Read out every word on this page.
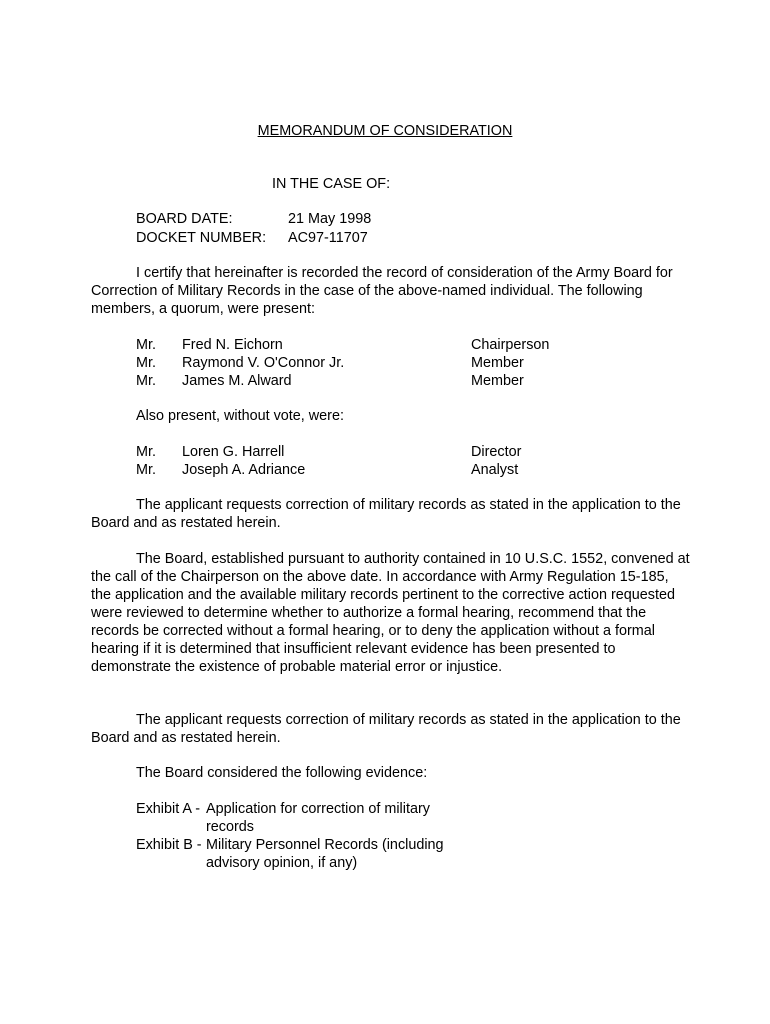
MEMORANDUM OF CONSIDERATION

IN THE CASE OF:

BOARD DATE:	21 May 1998
DOCKET NUMBER: AC97-11707

I certify that hereinafter is recorded the record of consideration of the Army Board for Correction of Military Records in the case of the above-named individual. The following members, a quorum, were present:

Mr. Fred N. Eichorn	Chairperson
Mr. Raymond V. O'Connor Jr.	Member
Mr. James M. Alward	Member
Also present, without vote, were:
Mr. Loren G. Harrell	Director
Mr. Joseph A. Adriance	Analyst

The applicant requests correction of military records as stated in the application to the Board and as restated herein.

The Board, established pursuant to authority contained in 10 U.S.C. 1552, convened at the call of the Chairperson on the above date. In accordance with Army Regulation 15-185, the application and the available military records pertinent to the corrective action requested were reviewed to determine whether to authorize a formal hearing, recommend that the records be corrected without a formal hearing, or to deny the application without a formal hearing if it is determined that insufficient relevant evidence has been presented to demonstrate the existence of probable material error or injustice.

The applicant requests correction of military records as stated in the application to the Board and as restated herein.

The Board considered the following evidence:
Exhibit A - Application for correction of military records
Exhibit B - Military Personnel Records (including advisory opinion, if any)
